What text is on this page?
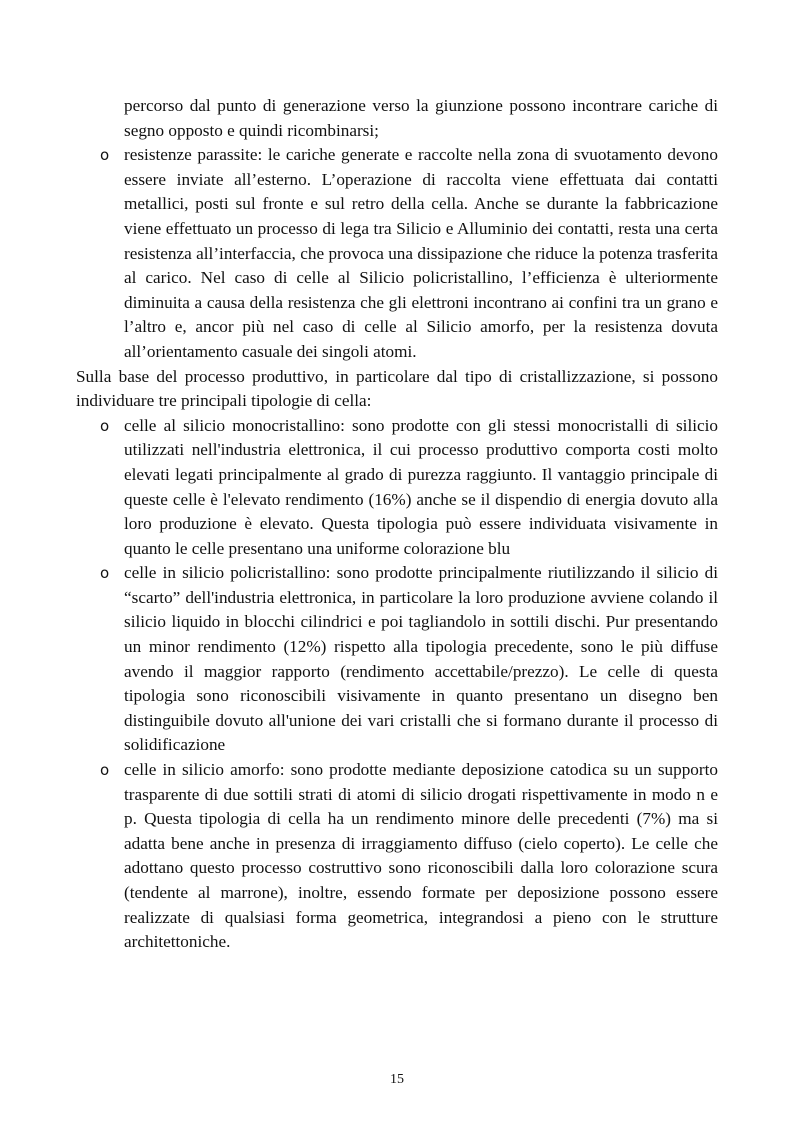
percorso dal punto di generazione verso la giunzione possono incontrare cariche di segno opposto e quindi ricombinarsi;

o resistenze parassite: le cariche generate e raccolte nella zona di svuotamento devono essere inviate all’esterno. L’operazione di raccolta viene effettuata dai contatti metallici, posti sul fronte e sul retro della cella. Anche se durante la fabbricazione viene effettuato un processo di lega tra Silicio e Alluminio dei contatti, resta una certa resistenza all’interfaccia, che provoca una dissipazione che riduce la potenza trasferita al carico. Nel caso di celle al Silicio policristallino, l’efficienza è ulteriormente diminuita a causa della resistenza che gli elettroni incontrano ai confini tra un grano e l’altro e, ancor più nel caso di celle al Silicio amorfo, per la resistenza dovuta all’orientamento casuale dei singoli atomi.

Sulla base del processo produttivo, in particolare dal tipo di cristallizzazione, si possono individuare tre principali tipologie di cella:

o celle al silicio monocristallino: sono prodotte con gli stessi monocristalli di silicio utilizzati nell'industria elettronica, il cui processo produttivo comporta costi molto elevati legati principalmente al grado di purezza raggiunto. Il vantaggio principale di queste celle è l'elevato rendimento (16%) anche se il dispendio di energia dovuto alla loro produzione è elevato. Questa tipologia può essere individuata visivamente in quanto le celle presentano una uniforme colorazione blu

o celle in silicio policristallino: sono prodotte principalmente riutilizzando il silicio di “scarto” dell'industria elettronica, in particolare la loro produzione avviene colando il silicio liquido in blocchi cilindrici e poi tagliandolo in sottili dischi. Pur presentando un minor rendimento (12%) rispetto alla tipologia precedente, sono le più diffuse avendo il maggior rapporto (rendimento accettabile/prezzo). Le celle di questa tipologia sono riconoscibili visivamente in quanto presentano un disegno ben distinguibile dovuto all'unione dei vari cristalli che si formano durante il processo di solidificazione

o celle in silicio amorfo: sono prodotte mediante deposizione catodica su un supporto trasparente di due sottili strati di atomi di silicio drogati rispettivamente in modo n e p. Questa tipologia di cella ha un rendimento minore delle precedenti (7%) ma si adatta bene anche in presenza di irraggiamento diffuso (cielo coperto). Le celle che adottano questo processo costruttivo sono riconoscibili dalla loro colorazione scura (tendente al marrone), inoltre, essendo formate per deposizione possono essere realizzate di qualsiasi forma geometrica, integrandosi a pieno con le strutture architettoniche.

15
